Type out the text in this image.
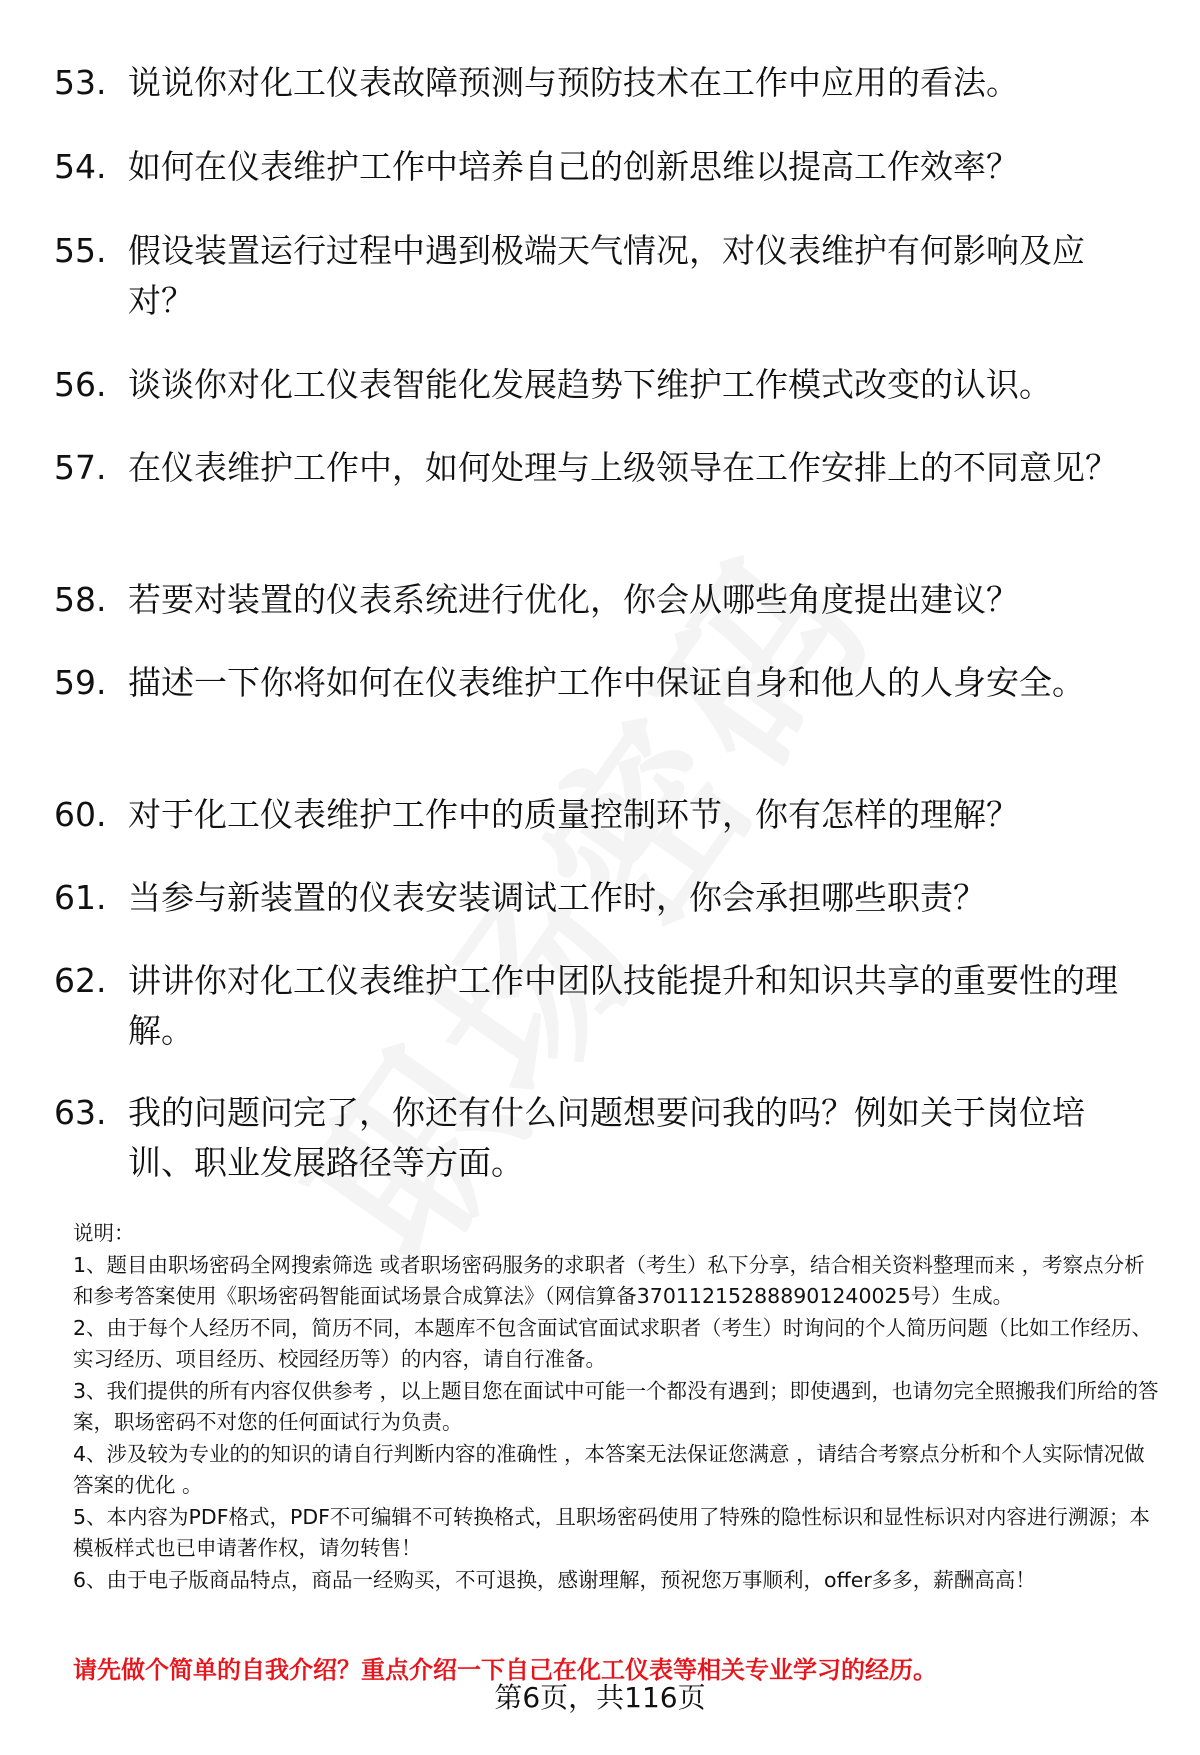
53. 说说你对化工仪表故障预测与预防技术在工作中应用的看法。
54. 如何在仪表维护工作中培养自己的创新思维以提高工作效率？
55. 假设装置运行过程中遇到极端天气情况，对仪表维护有何影响及应对？
56. 谈谈你对化工仪表智能化发展趋势下维护工作模式改变的认识。
57. 在仪表维护工作中，如何处理与上级领导在工作安排上的不同意见？
58. 若要对装置的仪表系统进行优化，你会从哪些角度提出建议？
59. 描述一下你将如何在仪表维护工作中保证自身和他人的人身安全。
60. 对于化工仪表维护工作中的质量控制环节，你有怎样的理解？
61. 当参与新装置的仪表安装调试工作时，你会承担哪些职责？
62. 讲讲你对化工仪表维护工作中团队技能提升和知识共享的重要性的理解。
63. 我的问题问完了，你还有什么问题想要问我的吗？例如关于岗位培训、职业发展路径等方面。
说明：
1、题目由职场密码全网搜索筛选 或者职场密码服务的求职者（考生）私下分享，结合相关资料整理而来 ，考察点分析和参考答案使用《职场密码智能面试场景合成算法》（网信算备370112152888901240025号）生成。
2、由于每个人经历不同，简历不同，本题库不包含面试官面试求职者（考生）时询问的个人简历问题（比如工作经历、实习经历、项目经历、校园经历等）的内容，请自行准备。
3、我们提供的所有内容仅供参考 ，以上题目您在面试中可能一个都没有遇到；即使遇到，也请勿完全照搬我们所给的答案，职场密码不对您的任何面试行为负责。
4、涉及较为专业的的知识的请自行判断内容的准确性 ，本答案无法保证您满意 ，请结合考察点分析和个人实际情况做答案的优化 。
5、本内容为PDF格式，PDF不可编辑不可转换格式，且职场密码使用了特殊的隐性标识和显性标识对内容进行溯源；本模板样式也已申请著作权，请勿转售！
6、由于电子版商品特点，商品一经购买，不可退换，感谢理解，预祝您万事顺利，offer多多，薪酬高高！
请先做个简单的自我介绍？重点介绍一下自己在化工仪表等相关专业学习的经历。
第6页，共116页
